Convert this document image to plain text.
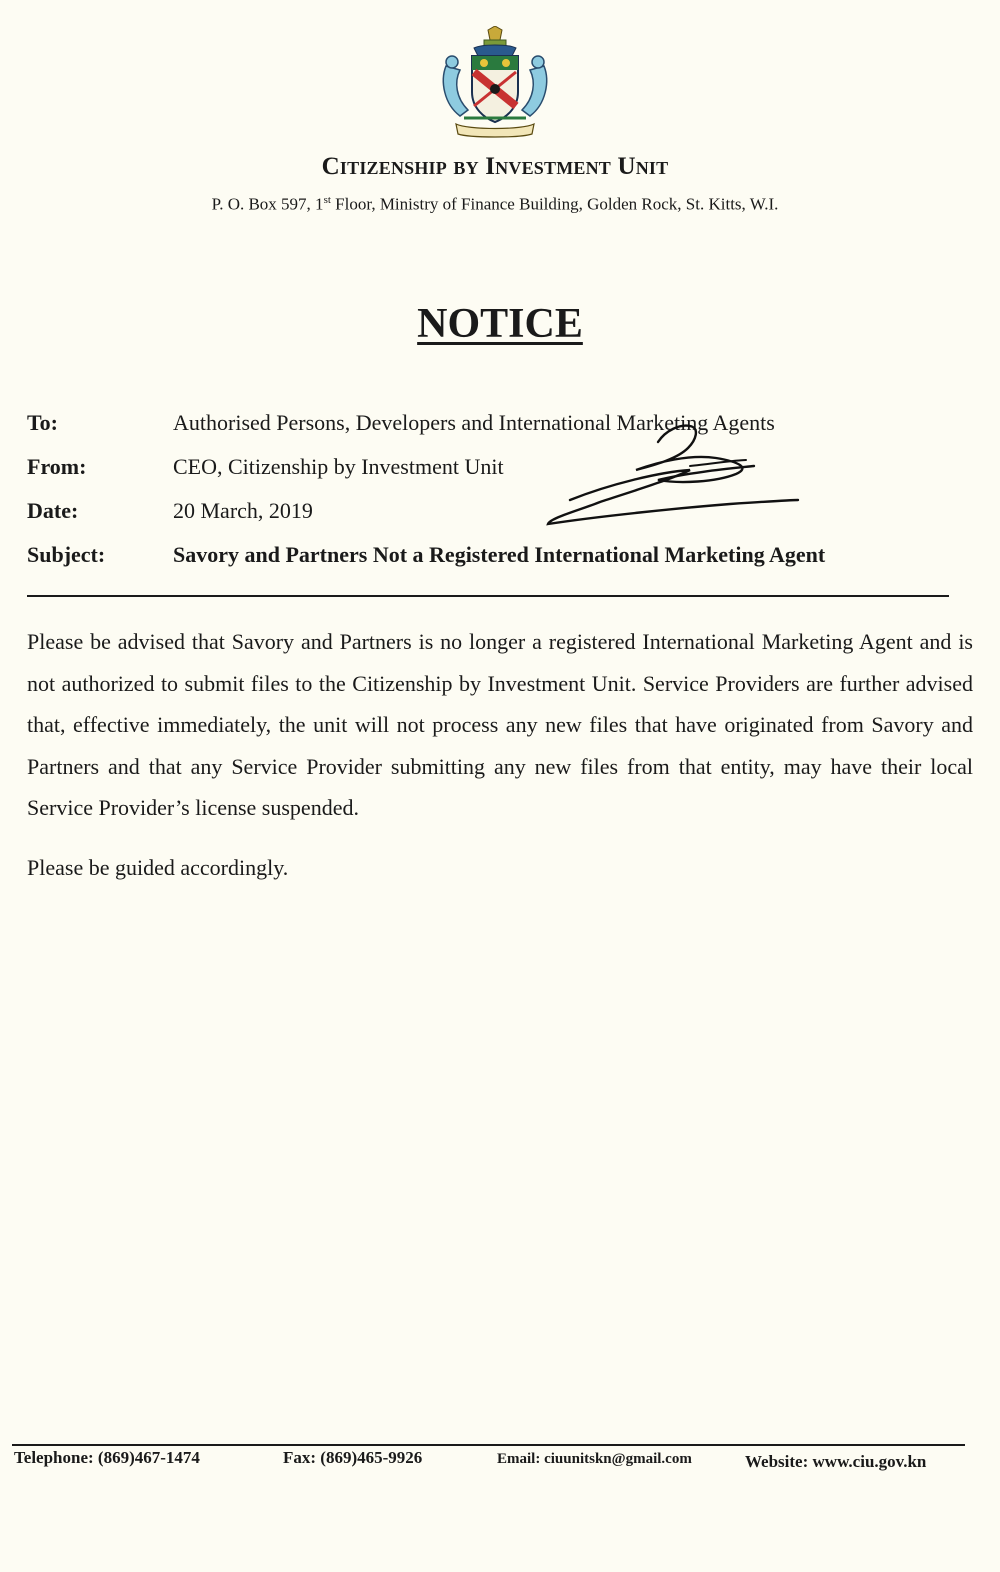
Citizenship by Investment Unit
P. O. Box 597, 1st Floor, Ministry of Finance Building, Golden Rock, St. Kitts, W.I.
NOTICE
To:	Authorised Persons, Developers and International Marketing Agents
From:	CEO, Citizenship by Investment Unit
Date:	20 March, 2019
Subject:	Savory and Partners Not a Registered International Marketing Agent
Please be advised that Savory and Partners is no longer a registered International Marketing Agent and is not authorized to submit files to the Citizenship by Investment Unit. Service Providers are further advised that, effective immediately, the unit will not process any new files that have originated from Savory and Partners and that any Service Provider submitting any new files from that entity, may have their local Service Provider’s license suspended.
Please be guided accordingly.
Telephone: (869)467-1474	Fax: (869)465-9926	Email: ciuunitskn@gmail.com	Website: www.ciu.gov.kn
